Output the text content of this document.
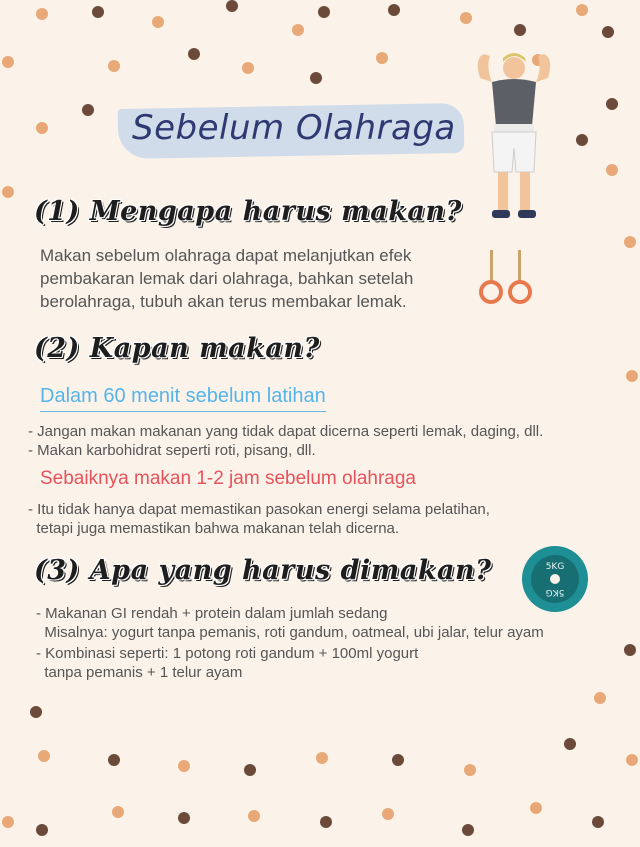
Sebelum Olahraga
(1) Mengapa harus makan?

Makan sebelum olahraga dapat melanjutkan efek pembakaran lemak dari olahraga, bahkan setelah berolahraga, tubuh akan terus membakar lemak.

(2) Kapan makan?

Dalam 60 menit sebelum latihan

- Jangan makan makanan yang tidak dapat dicerna seperti lemak, daging, dll.

- Makan karbohidrat seperti roti, pisang, dll.

Sebaiknya makan 1-2 jam sebelum olahraga

- Itu tidak hanya dapat memastikan pasokan energi selama pelatihan,

tetapi juga memastikan bahwa makanan telah dicerna.

(3) Apa yang harus dimakan?	5KG
5KG

- Makanan GI rendah + protein dalam jumlah sedang

Misalnya: yogurt tanpa pemanis, roti gandum, oatmeal, ubi jalar, telur ayam

- Kombinasi seperti: 1 potong roti gandum + 100ml yogurt

tanpa pemanis + 1 telur ayam
